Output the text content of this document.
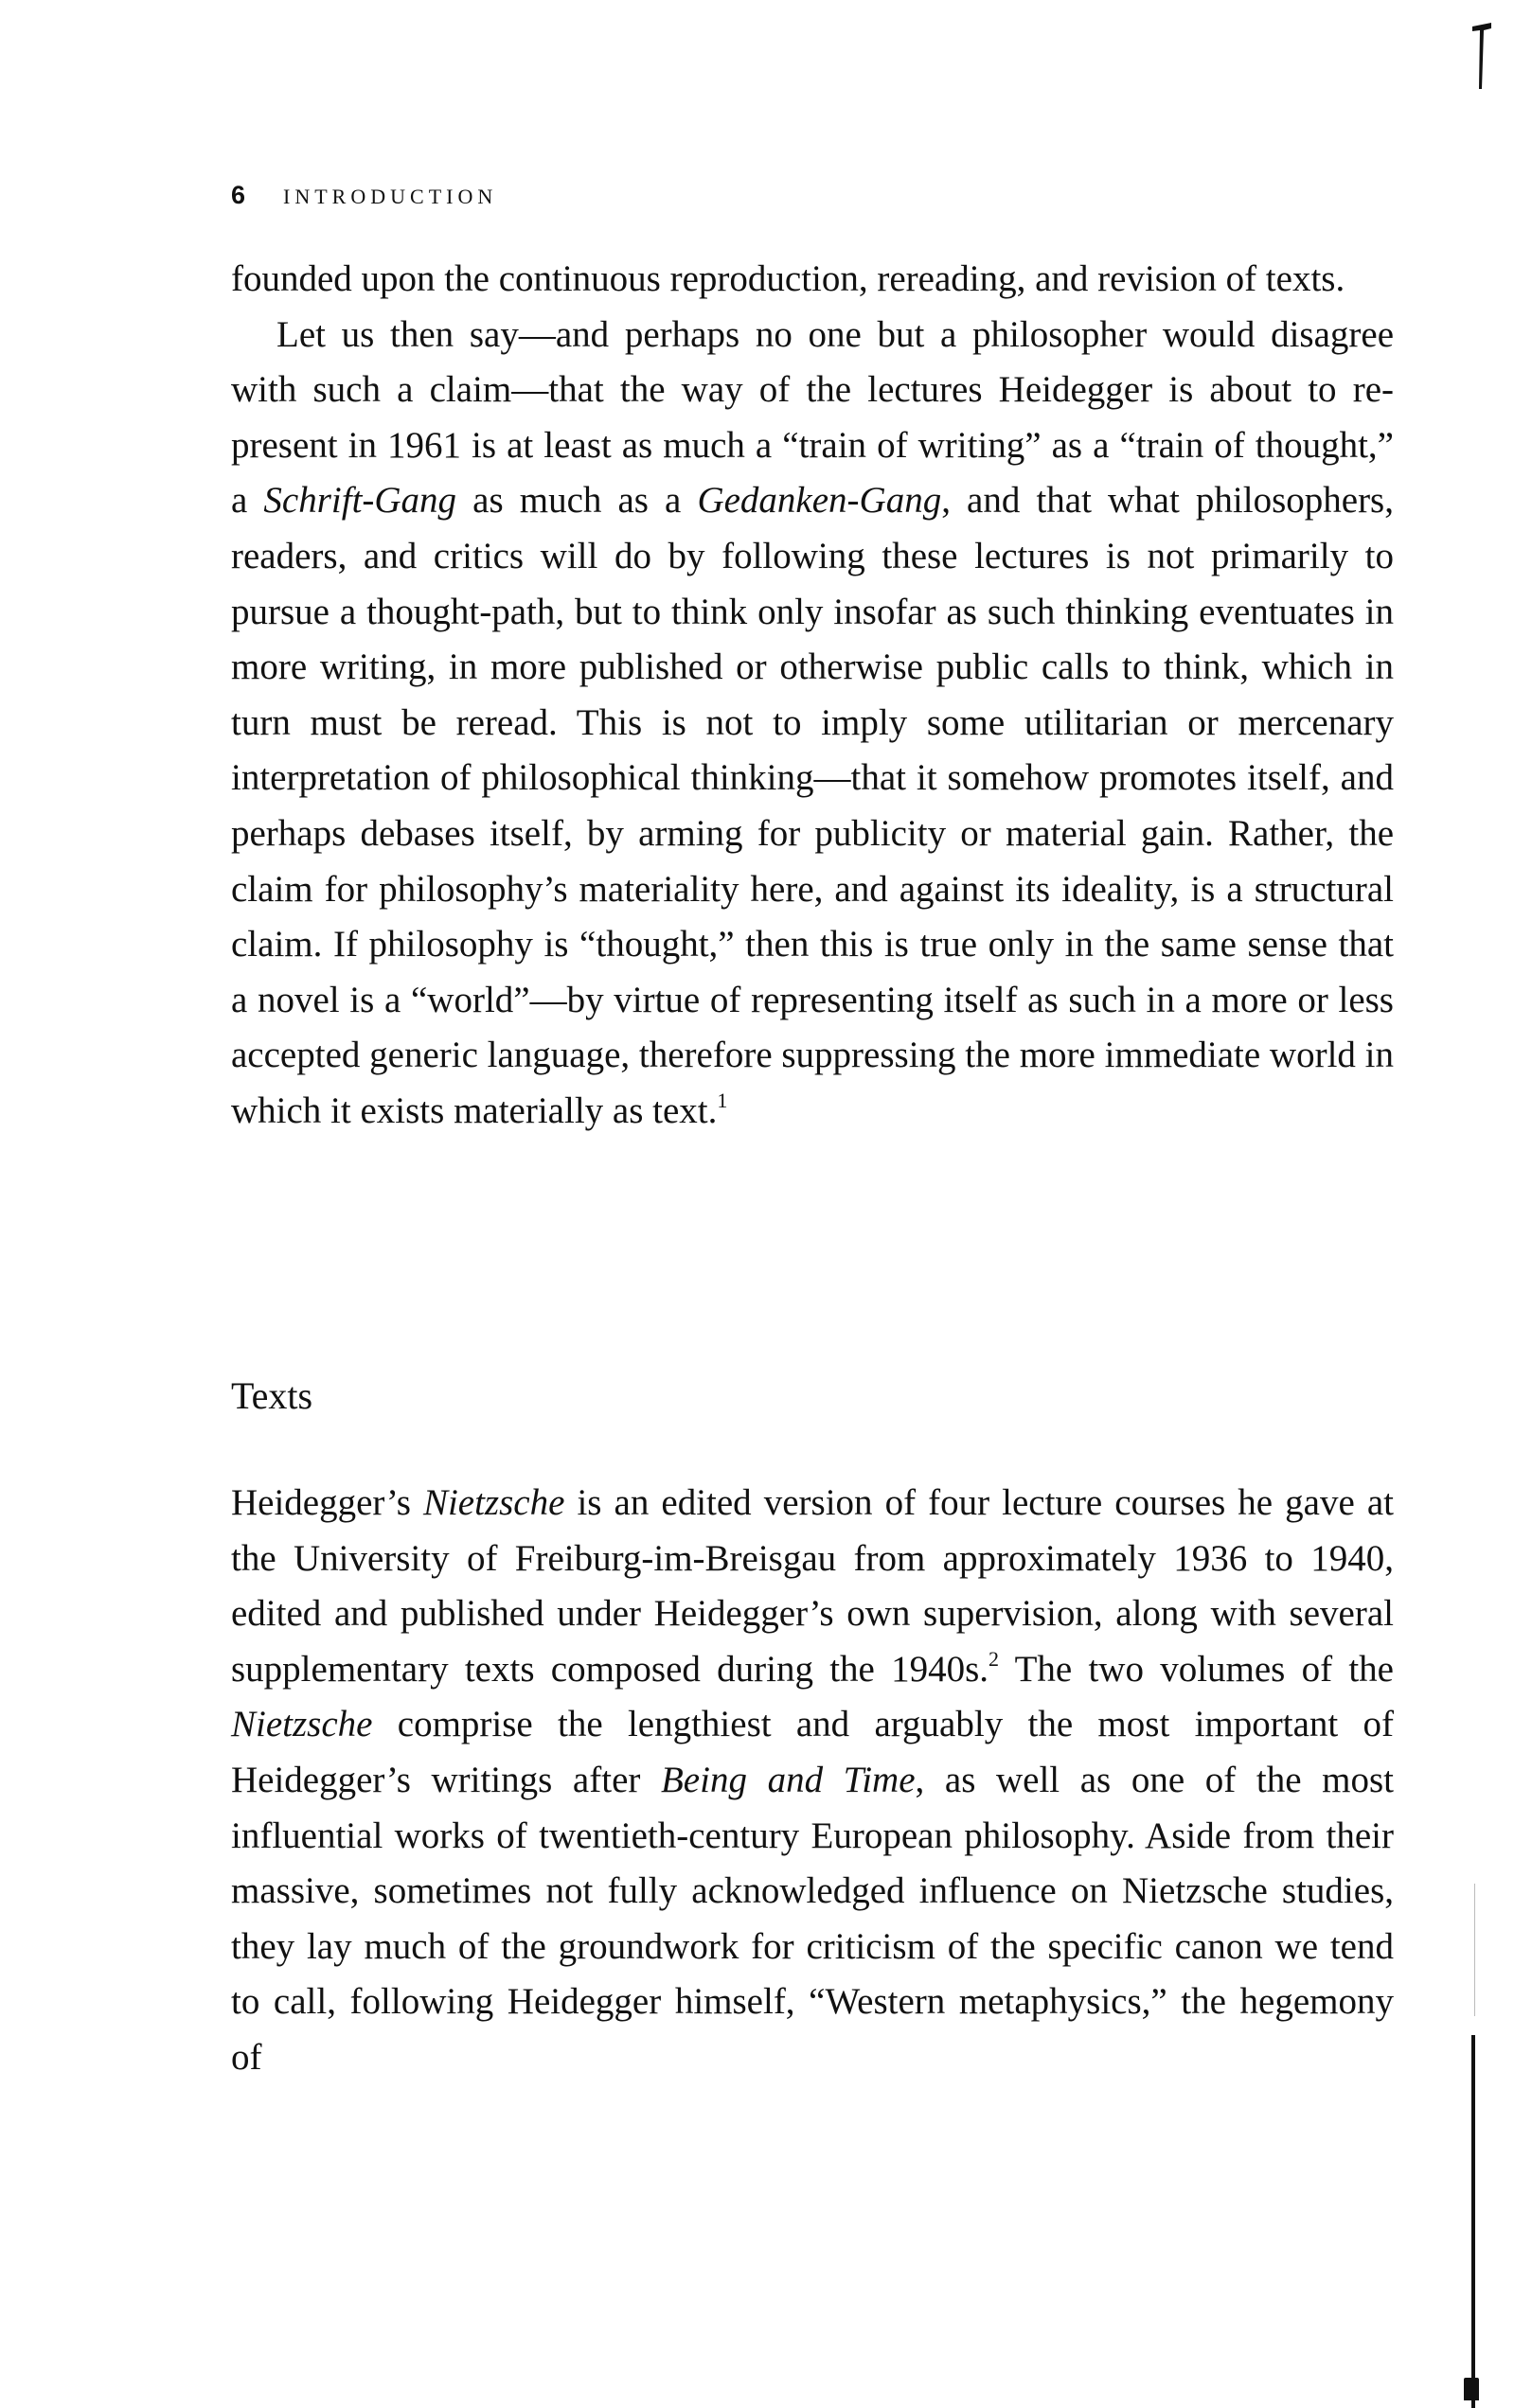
6 INTRODUCTION

founded upon the continuous reproduction, rereading, and revision of texts.

Let us then say—and perhaps no one but a philosopher would disagree with such a claim—that the way of the lectures Heidegger is about to re-present in 1961 is at least as much a “train of writing” as a “train of thought,” a Schrift-Gang as much as a Gedanken-Gang, and that what philosophers, readers, and critics will do by following these lectures is not primarily to pursue a thought-path, but to think only insofar as such thinking eventuates in more writing, in more published or otherwise public calls to think, which in turn must be reread. This is not to imply some utilitarian or mercenary interpretation of philosophical thinking—that it somehow promotes itself, and perhaps debases itself, by arming for publicity or material gain. Rather, the claim for philosophy’s materiality here, and against its ideality, is a structural claim. If philosophy is “thought,” then this is true only in the same sense that a novel is a “world”—by virtue of representing itself as such in a more or less accepted generic language, therefore suppressing the more immediate world in which it exists materially as text.$^1$

Texts

Heidegger’s Nietzsche is an edited version of four lecture courses he gave at the University of Freiburg-im-Breisgau from approximately 1936 to 1940, edited and published under Heidegger’s own supervision, along with several supplementary texts composed during the 1940s.$^2$ The two volumes of the Nietzsche comprise the lengthiest and arguably the most important of Heidegger’s writings after Being and Time, as well as one of the most influential works of twentieth-century European philosophy. Aside from their massive, sometimes not fully acknowledged influence on Nietzsche studies, they lay much of the groundwork for criticism of the specific canon we tend to call, following Heidegger himself, “Western metaphysics,” the hegemony of
